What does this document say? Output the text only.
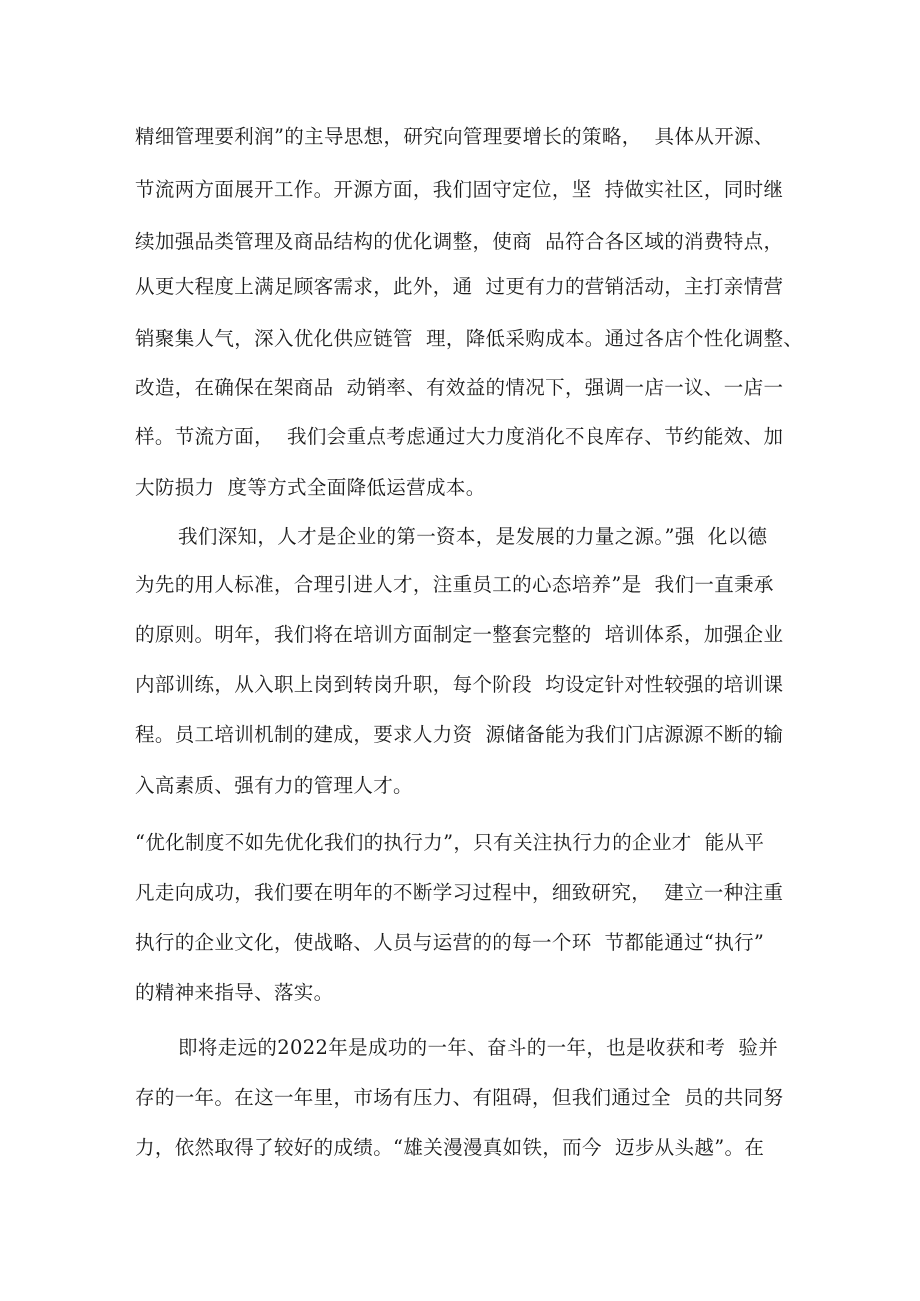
精细管理要利润”的主导思想，研究向管理要增长的策略，  具体从开源、
节流两方面展开工作。开源方面，我们固守定位，坚  持做实社区，同时继
续加强品类管理及商品结构的优化调整，使商  品符合各区域的消费特点，
从更大程度上满足顾客需求，此外，通  过更有力的营销活动，主打亲情营
销聚集人气，深入优化供应链管  理，降低采购成本。通过各店个性化调整、
改造，在确保在架商品  动销率、有效益的情况下，强调一店一议、一店一
样。节流方面，  我们会重点考虑通过大力度消化不良库存、节约能效、加
大防损力  度等方式全面降低运营成本。
我们深知，人才是企业的第一资本，是发展的力量之源。”强  化以德
为先的用人标准，合理引进人才，注重员工的心态培养”是  我们一直秉承
的原则。明年，我们将在培训方面制定一整套完整的  培训体系，加强企业
内部训练，从入职上岗到转岗升职，每个阶段  均设定针对性较强的培训课
程。员工培训机制的建成，要求人力资  源储备能为我们门店源源不断的输
入高素质、强有力的管理人才。
“优化制度不如先优化我们的执行力”，只有关注执行力的企业才  能从平
凡走向成功，我们要在明年的不断学习过程中，细致研究，  建立一种注重
执行的企业文化，使战略、人员与运营的的每一个环  节都能通过“执行”
的精神来指导、落实。
即将走远的2022年是成功的一年、奋斗的一年，也是收获和考  验并
存的一年。在这一年里，市场有压力、有阻碍，但我们通过全  员的共同努
力，依然取得了较好的成绩。“雄关漫漫真如铁，而今  迈步从头越”。在
